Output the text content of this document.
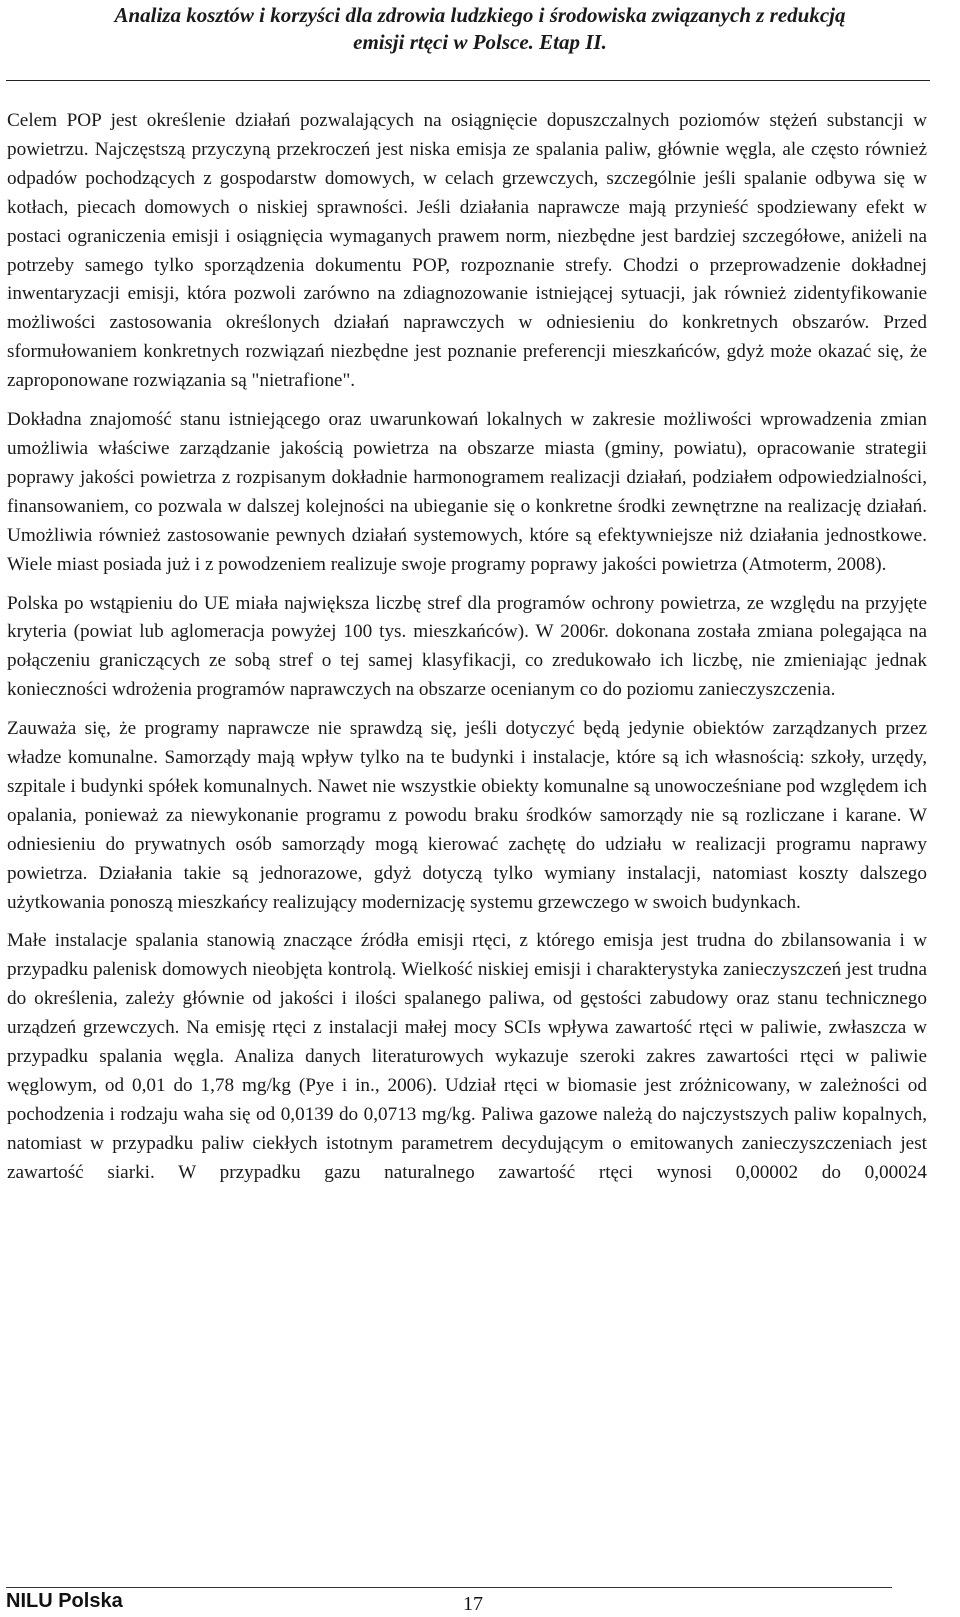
Analiza kosztów i korzyści dla zdrowia ludzkiego i środowiska związanych z redukcją
emisji rtęci w Polsce. Etap II.

Celem POP jest określenie działań pozwalających na osiągnięcie dopuszczalnych poziomów stężeń substancji w powietrzu. Najczęstszą przyczyną przekroczeń jest niska emisja ze spalania paliw, głównie węgla, ale często również odpadów pochodzących z gospodarstw domowych, w celach grzewczych, szczególnie jeśli spalanie odbywa się w kotłach, piecach domowych o niskiej sprawności. Jeśli działania naprawcze mają przynieść spodziewany efekt w postaci ograniczenia emisji i osiągnięcia wymaganych prawem norm, niezbędne jest bardziej szczegółowe, aniżeli na potrzeby samego tylko sporządzenia dokumentu POP, rozpoznanie strefy. Chodzi o przeprowadzenie dokładnej inwentaryzacji emisji, która pozwoli zarówno na zdiagnozowanie istniejącej sytuacji, jak również zidentyfikowanie możliwości zastosowania określonych działań naprawczych w odniesieniu do konkretnych obszarów. Przed sformułowaniem konkretnych rozwiązań niezbędne jest poznanie preferencji mieszkańców, gdyż może okazać się, że zaproponowane rozwiązania są "nietrafione".

Dokładna znajomość stanu istniejącego oraz uwarunkowań lokalnych w zakresie możliwości wprowadzenia zmian umożliwia właściwe zarządzanie jakością powietrza na obszarze miasta (gminy, powiatu), opracowanie strategii poprawy jakości powietrza z rozpisanym dokładnie harmonogramem realizacji działań, podziałem odpowiedzialności, finansowaniem, co pozwala w dalszej kolejności na ubieganie się o konkretne środki zewnętrzne na realizację działań. Umożliwia również zastosowanie pewnych działań systemowych, które są efektywniejsze niż działania jednostkowe. Wiele miast posiada już i z powodzeniem realizuje swoje programy poprawy jakości powietrza (Atmoterm, 2008).

Polska po wstąpieniu do UE miała największa liczbę stref dla programów ochrony powietrza, ze względu na przyjęte kryteria (powiat lub aglomeracja powyżej 100 tys. mieszkańców). W 2006r. dokonana została zmiana polegająca na połączeniu graniczących ze sobą stref o tej samej klasyfikacji, co zredukowało ich liczbę, nie zmieniając jednak konieczności wdrożenia programów naprawczych na obszarze ocenianym co do poziomu zanieczyszczenia.

Zauważa się, że programy naprawcze nie sprawdzą się, jeśli dotyczyć będą jedynie obiektów zarządzanych przez władze komunalne. Samorządy mają wpływ tylko na te budynki i instalacje, które są ich własnością: szkoły, urzędy, szpitale i budynki spółek komunalnych. Nawet nie wszystkie obiekty komunalne są unowocześniane pod względem ich opalania, ponieważ za niewykonanie programu z powodu braku środków samorządy nie są rozliczane i karane. W odniesieniu do prywatnych osób samorządy mogą kierować zachętę do udziału w realizacji programu naprawy powietrza. Działania takie są jednorazowe, gdyż dotyczą tylko wymiany instalacji, natomiast koszty dalszego użytkowania ponoszą mieszkańcy realizujący modernizację systemu grzewczego w swoich budynkach.

Małe instalacje spalania stanowią znaczące źródła emisji rtęci, z którego emisja jest trudna do zbilansowania i w przypadku palenisk domowych nieobjęta kontrolą. Wielkość niskiej emisji i charakterystyka zanieczyszczeń jest trudna do określenia, zależy głównie od jakości i ilości spalanego paliwa, od gęstości zabudowy oraz stanu technicznego urządzeń grzewczych. Na emisję rtęci z instalacji małej mocy SCIs wpływa zawartość rtęci w paliwie, zwłaszcza w przypadku spalania węgla. Analiza danych literaturowych wykazuje szeroki zakres zawartości rtęci w paliwie węglowym, od 0,01 do 1,78 mg/kg (Pye i in., 2006). Udział rtęci w biomasie jest zróżnicowany, w zależności od pochodzenia i rodzaju waha się od 0,0139 do 0,0713 mg/kg. Paliwa gazowe należą do najczystszych paliw kopalnych, natomiast w przypadku paliw ciekłych istotnym parametrem decydującym o emitowanych zanieczyszczeniach jest zawartość siarki. W przypadku gazu naturalnego zawartość rtęci wynosi 0,00002 do 0,00024

NILU Polska	17
